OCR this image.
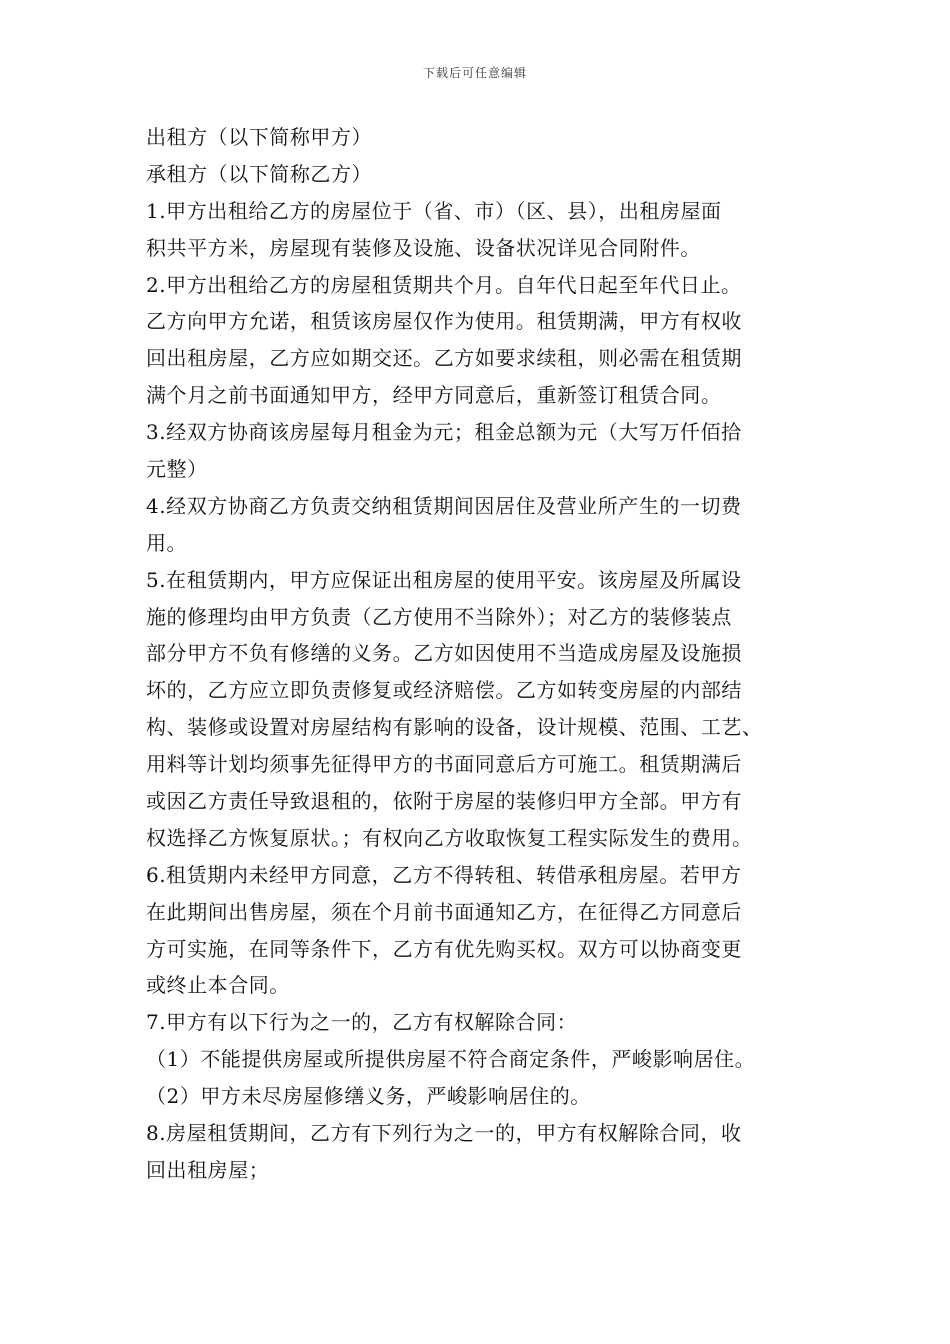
下载后可任意编辑
出租方（以下简称甲方）
承租方（以下简称乙方）
1.甲方出租给乙方的房屋位于（省、市）（区、县），出租房屋面
积共平方米，房屋现有装修及设施、设备状况详见合同附件。
2.甲方出租给乙方的房屋租赁期共个月。自年代日起至年代日止。
乙方向甲方允诺，租赁该房屋仅作为使用。租赁期满，甲方有权收
回出租房屋，乙方应如期交还。乙方如要求续租，则必需在租赁期
满个月之前书面通知甲方，经甲方同意后，重新签订租赁合同。
3.经双方协商该房屋每月租金为元；租金总额为元（大写万仟佰拾
元整）
4.经双方协商乙方负责交纳租赁期间因居住及营业所产生的一切费
用。
5.在租赁期内，甲方应保证出租房屋的使用平安。该房屋及所属设
施的修理均由甲方负责（乙方使用不当除外）；对乙方的装修装点
部分甲方不负有修缮的义务。乙方如因使用不当造成房屋及设施损
坏的，乙方应立即负责修复或经济赔偿。乙方如转变房屋的内部结
构、装修或设置对房屋结构有影响的设备，设计规模、范围、工艺、
用料等计划均须事先征得甲方的书面同意后方可施工。租赁期满后
或因乙方责任导致退租的，依附于房屋的装修归甲方全部。甲方有
权选择乙方恢复原状。；有权向乙方收取恢复工程实际发生的费用。
6.租赁期内未经甲方同意，乙方不得转租、转借承租房屋。若甲方
在此期间出售房屋，须在个月前书面通知乙方，在征得乙方同意后
方可实施，在同等条件下，乙方有优先购买权。双方可以协商变更
或终止本合同。
7.甲方有以下行为之一的，乙方有权解除合同：
（1）不能提供房屋或所提供房屋不符合商定条件，严峻影响居住。
（2）甲方未尽房屋修缮义务，严峻影响居住的。
8.房屋租赁期间，乙方有下列行为之一的，甲方有权解除合同，收
回出租房屋；
